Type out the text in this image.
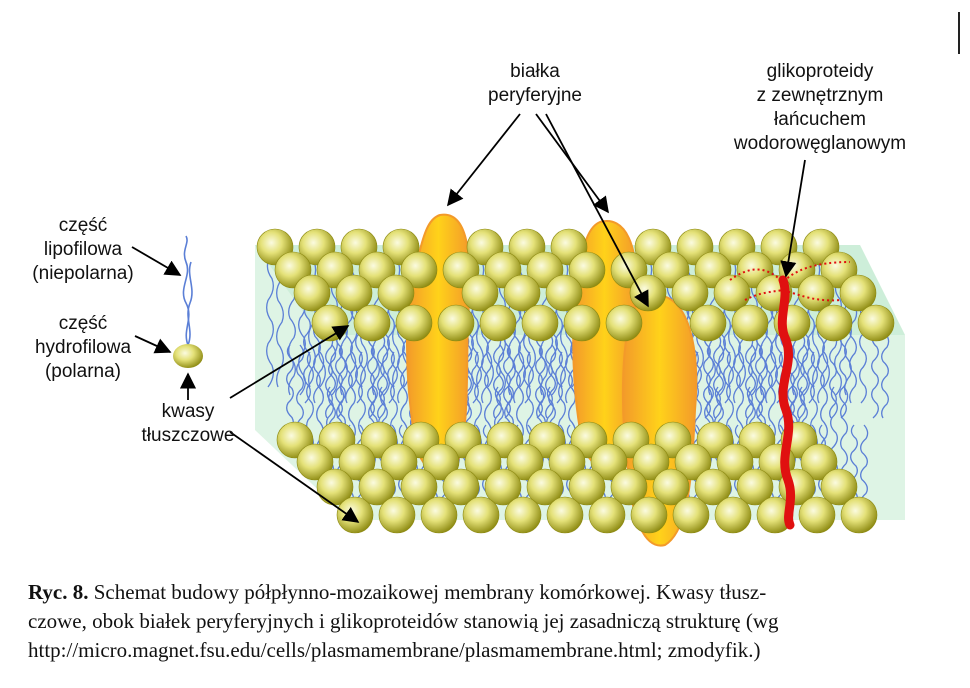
część
lipofilowa
(niepolarna)
część
hydrofilowa
(polarna)
kwasy
tłuszczowe
białka
peryferyjne
glikoproteidy
z zewnętrznym
łańcuchem
wodorowęglanowym
Ryc. 8. Schemat budowy półpłynno-mozaikowej membrany komórkowej. Kwasy tłusz-
czowe, obok białek peryferyjnych i glikoproteidów stanowią jej zasadniczą strukturę (wg
http://micro.magnet.fsu.edu/cells/plasmamembrane/plasmamembrane.html; zmodyfik.)
